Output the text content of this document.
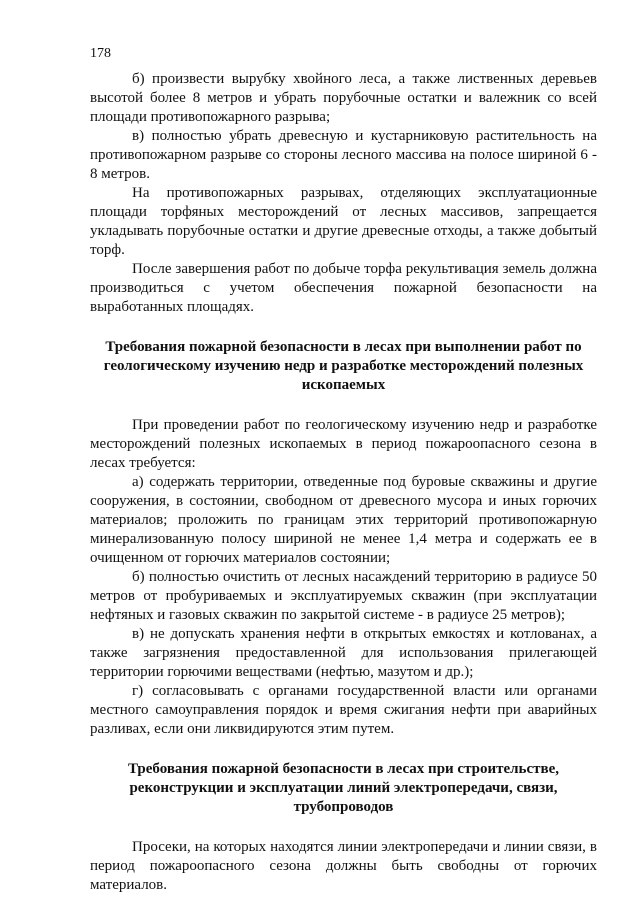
178

б) произвести вырубку хвойного леса, а также лиственных деревьев высотой более 8 метров и убрать порубочные остатки и валежник со всей площади противопожарного разрыва;

в) полностью убрать древесную и кустарниковую растительность на противопожарном разрыве со стороны лесного массива на полосе шириной 6 - 8 метров.

На противопожарных разрывах, отделяющих эксплуатационные площади торфяных месторождений от лесных массивов, запрещается укладывать порубочные остатки и другие древесные отходы, а также добытый торф.

После завершения работ по добыче торфа рекультивация земель должна производиться с учетом обеспечения пожарной безопасности на выработанных площадях.

Требования пожарной безопасности в лесах при выполнении работ по геологическому изучению недр и разработке месторождений полезных ископаемых

При проведении работ по геологическому изучению недр и разработке месторождений полезных ископаемых в период пожароопасного сезона в лесах требуется:

а) содержать территории, отведенные под буровые скважины и другие сооружения, в состоянии, свободном от древесного мусора и иных горючих материалов; проложить по границам этих территорий противопожарную минерализованную полосу шириной не менее 1,4 метра и содержать ее в очищенном от горючих материалов состоянии;

б) полностью очистить от лесных насаждений территорию в радиусе 50 метров от пробуриваемых и эксплуатируемых скважин (при эксплуатации нефтяных и газовых скважин по закрытой системе - в радиусе 25 метров);

в) не допускать хранения нефти в открытых емкостях и котлованах, а также загрязнения предоставленной для использования прилегающей территории горючими веществами (нефтью, мазутом и др.);

г) согласовывать с органами государственной власти или органами местного самоуправления порядок и время сжигания нефти при аварийных разливах, если они ликвидируются этим путем.

Требования пожарной безопасности в лесах при строительстве, реконструкции и эксплуатации линий электропередачи, связи, трубопроводов

Просеки, на которых находятся линии электропередачи и линии связи, в период пожароопасного сезона должны быть свободны от горючих материалов.
